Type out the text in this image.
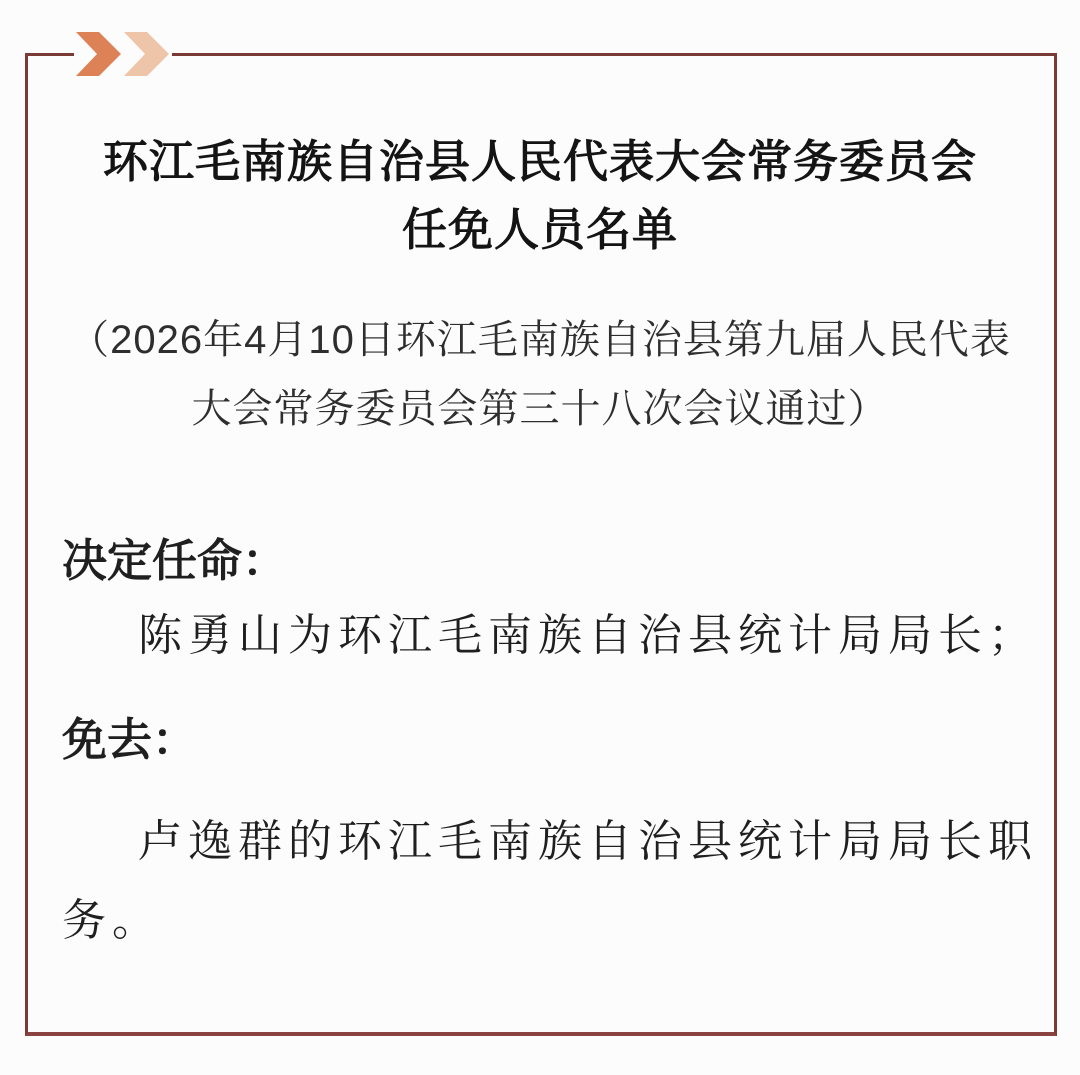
环江毛南族自治县人民代表大会常务委员会
任免人员名单
（2026年4月10日环江毛南族自治县第九届人民代表
大会常务委员会第三十八次会议通过）
决定任命：
陈勇山为环江毛南族自治县统计局局长；
免去：
卢逸群的环江毛南族自治县统计局局长职
务。
